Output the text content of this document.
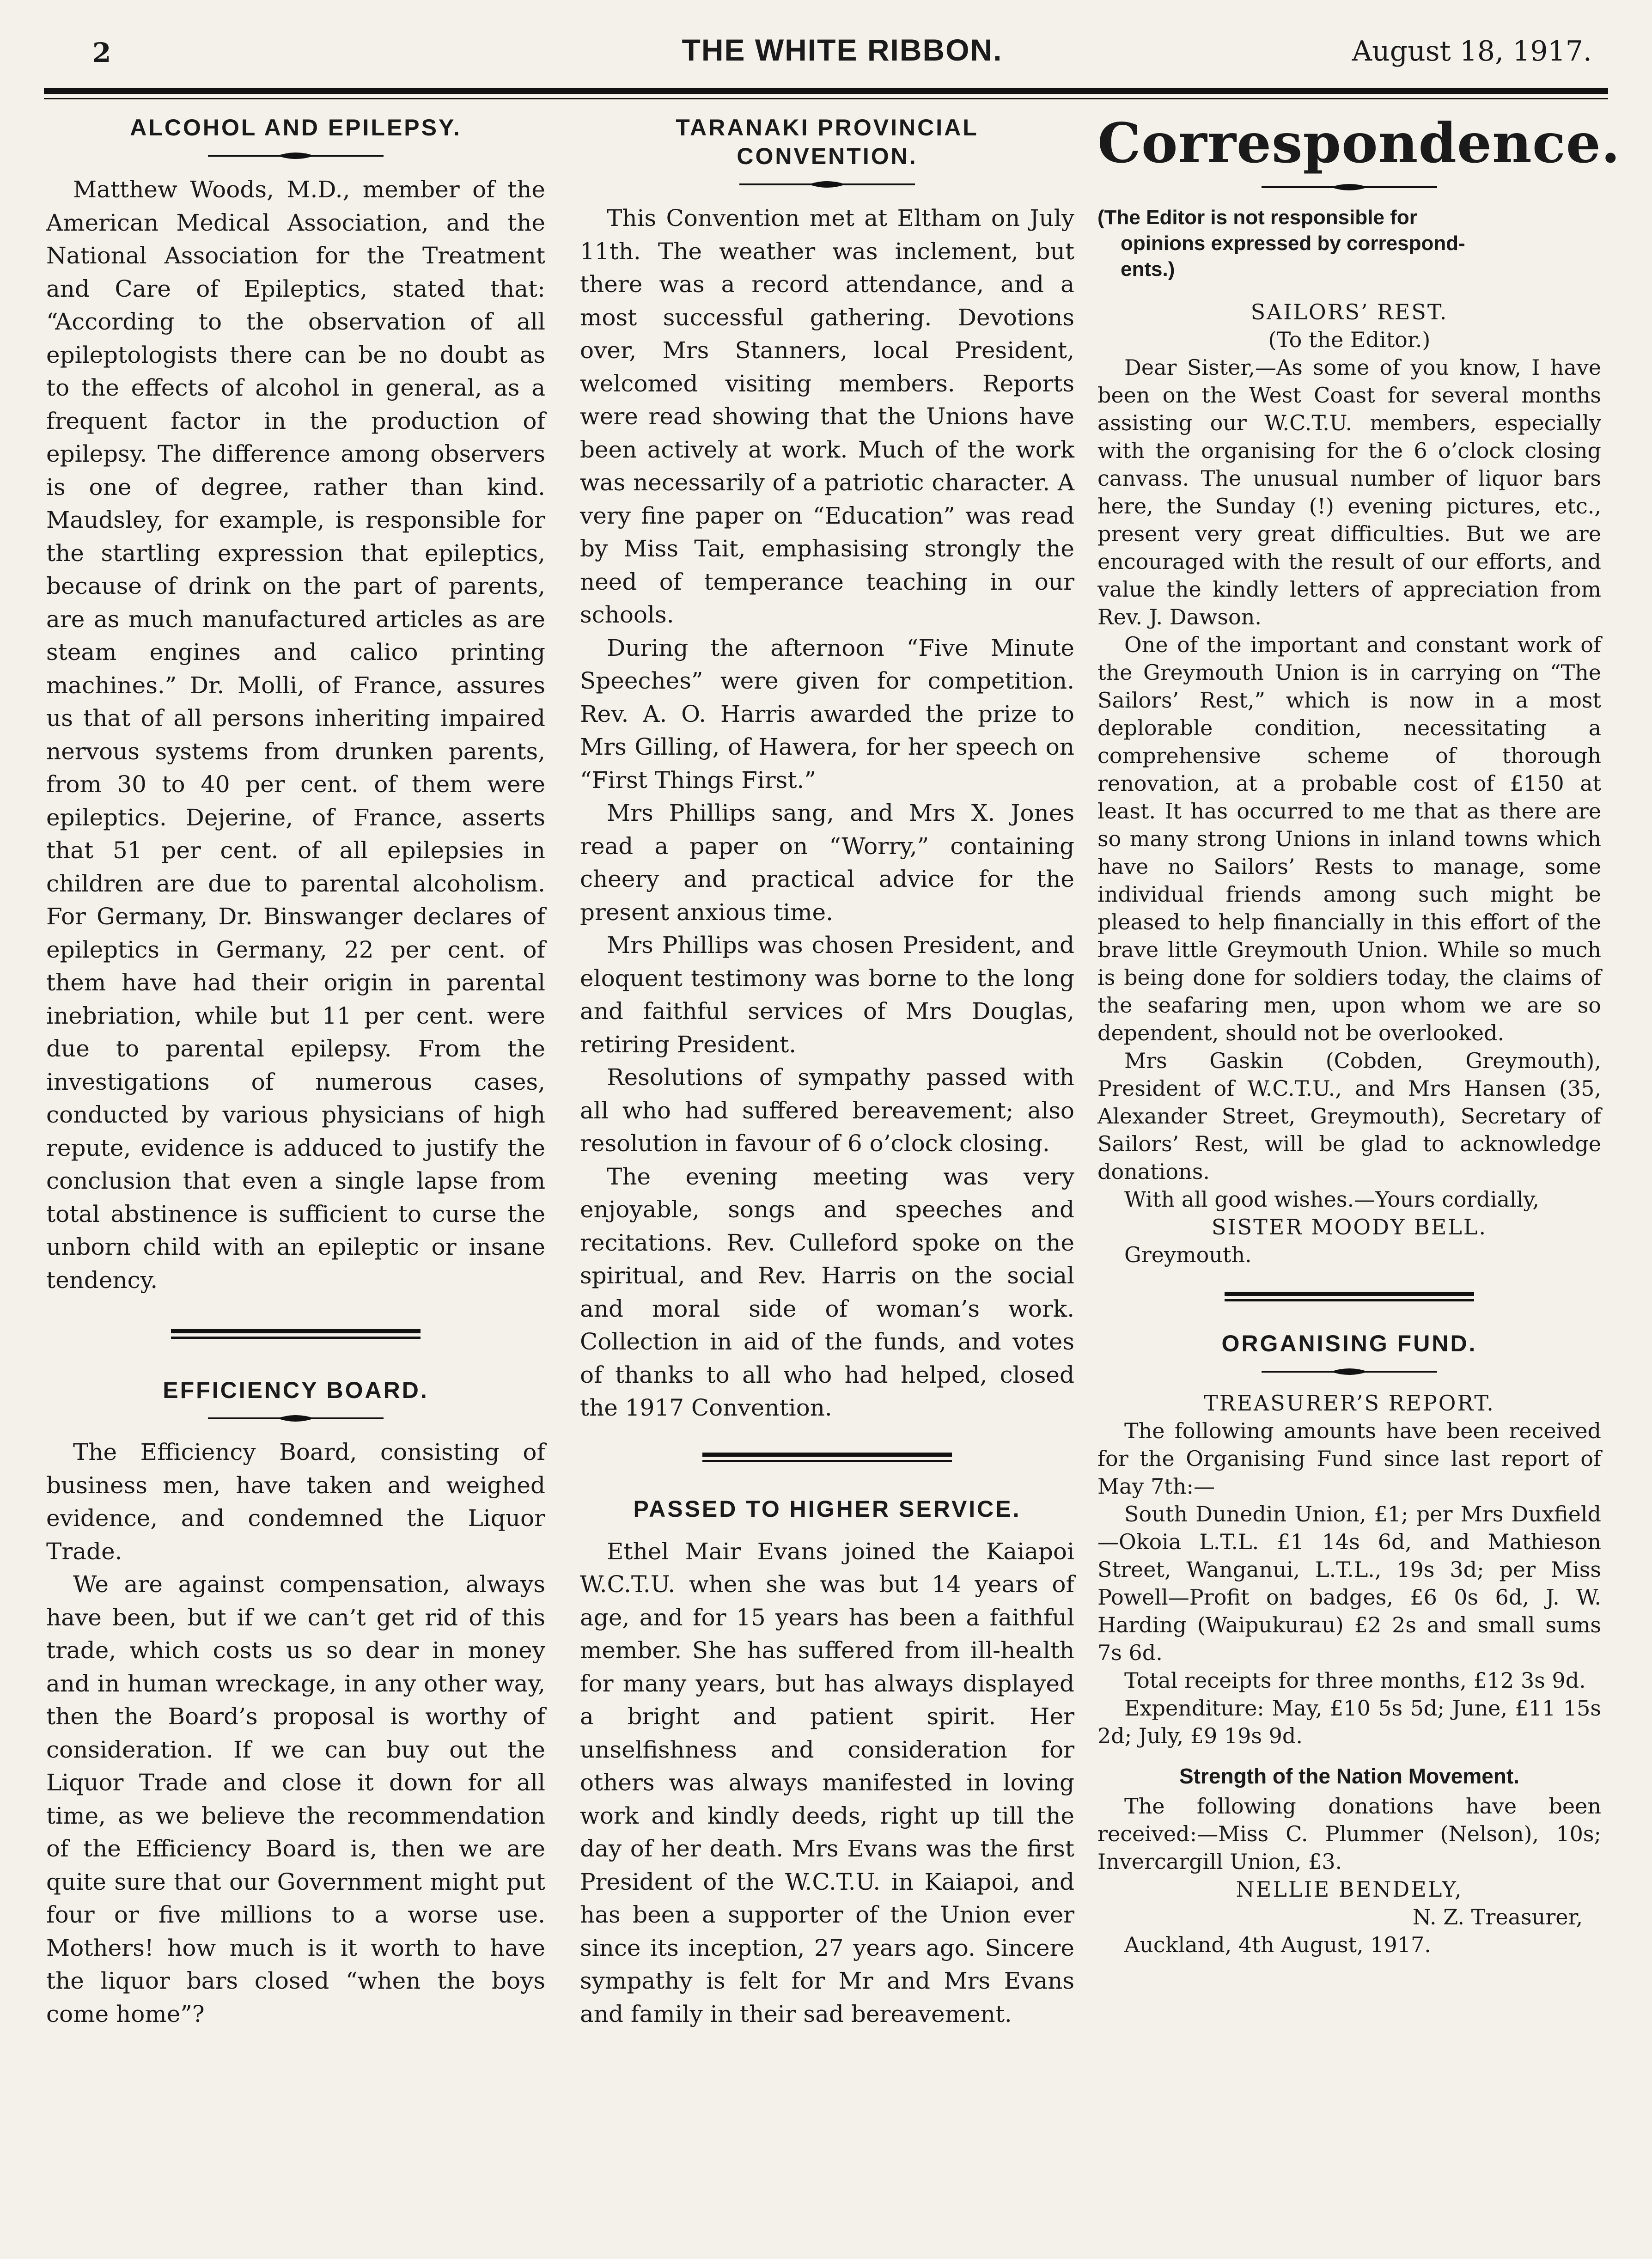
2	THE WHITE RIBBON.	August 18, 1917.
ALCOHOL AND EPILEPSY.

Matthew Woods, M.D., member of the American Medical Association, and the National Association for the Treatment and Care of Epileptics, stated that: “According to the observation of all epileptologists there can be no doubt as to the effects of alcohol in general, as a frequent factor in the production of epilepsy. The difference among observers is one of degree, rather than kind. Maudsley, for example, is responsible for the startling expression that epileptics, because of drink on the part of parents, are as much manufactured articles as are steam engines and calico printing machines.” Dr. Molli, of France, assures us that of all persons inheriting impaired nervous systems from drunken parents, from 30 to 40 per cent. of them were epileptics. Dejerine, of France, asserts that 51 per cent. of all epilepsies in children are due to parental alcoholism. For Germany, Dr. Binswanger declares of epileptics in Germany, 22 per cent. of them have had their origin in parental inebriation, while but 11 per cent. were due to parental epilepsy. From the investigations of numerous cases, conducted by various physicians of high repute, evidence is adduced to justify the conclusion that even a single lapse from total abstinence is sufficient to curse the unborn child with an epileptic or insane tendency.

EFFICIENCY BOARD.

The Efficiency Board, consisting of business men, have taken and weighed evidence, and condemned the Liquor Trade.

We are against compensation, always have been, but if we can’t get rid of this trade, which costs us so dear in money and in human wreckage, in any other way, then the Board’s proposal is worthy of consideration. If we can buy out the Liquor Trade and close it down for all time, as we believe the recommendation of the Efficiency Board is, then we are quite sure that our Government might put four or five millions to a worse use. Mothers! how much is it worth to have the liquor bars closed “when the boys come home”?

TARANAKI PROVINCIAL CONVENTION.

This Convention met at Eltham on July 11th. The weather was inclement, but there was a record attendance, and a most successful gathering. Devotions over, Mrs Stanners, local President, welcomed visiting members. Reports were read showing that the Unions have been actively at work. Much of the work was necessarily of a patriotic character. A very fine paper on “Education” was read by Miss Tait, emphasising strongly the need of temperance teaching in our schools.

During the afternoon “Five Minute Speeches” were given for competition. Rev. A. O. Harris awarded the prize to Mrs Gilling, of Hawera, for her speech on “First Things First.”

Mrs Phillips sang, and Mrs X. Jones read a paper on “Worry,” containing cheery and practical advice for the present anxious time.

Mrs Phillips was chosen President, and eloquent testimony was borne to the long and faithful services of Mrs Douglas, retiring President.

Resolutions of sympathy passed with all who had suffered bereavement; also resolution in favour of 6 o’clock closing.

The evening meeting was very enjoyable, songs and speeches and recitations. Rev. Culleford spoke on the spiritual, and Rev. Harris on the social and moral side of woman’s work. Collection in aid of the funds, and votes of thanks to all who had helped, closed the 1917 Convention.

PASSED TO HIGHER SERVICE.

Ethel Mair Evans joined the Kaiapoi W.C.T.U. when she was but 14 years of age, and for 15 years has been a faithful member. She has suffered from ill-health for many years, but has always displayed a bright and patient spirit. Her unselfishness and consideration for others was always manifested in loving work and kindly deeds, right up till the day of her death. Mrs Evans was the first President of the W.C.T.U. in Kaiapoi, and has been a supporter of the Union ever since its inception, 27 years ago. Sincere sympathy is felt for Mr and Mrs Evans and family in their sad bereavement.

Correspondence.
(The Editor is not responsible for
opinions expressed by correspond-
ents.)

SAILORS’ REST.

(To the Editor.)

Dear Sister,—As some of you know, I have been on the West Coast for several months assisting our W.C.T.U. members, especially with the organising for the 6 o’clock closing canvass. The unusual number of liquor bars here, the Sunday (!) evening pictures, etc., present very great difficulties. But we are encouraged with the result of our efforts, and value the kindly letters of appreciation from Rev. J. Dawson.

One of the important and constant work of the Greymouth Union is in carrying on “The Sailors’ Rest,” which is now in a most deplorable condition, necessitating a comprehensive scheme of thorough renovation, at a probable cost of £150 at least. It has occurred to me that as there are so many strong Unions in inland towns which have no Sailors’ Rests to manage, some individual friends among such might be pleased to help financially in this effort of the brave little Greymouth Union. While so much is being done for soldiers today, the claims of the seafaring men, upon whom we are so dependent, should not be overlooked.

Mrs Gaskin (Cobden, Greymouth), President of W.C.T.U., and Mrs Hansen (35, Alexander Street, Greymouth), Secretary of Sailors’ Rest, will be glad to acknowledge donations.

With all good wishes.—Yours cordially,

SISTER MOODY BELL.

Greymouth.

ORGANISING FUND.

TREASURER’S REPORT.

The following amounts have been received for the Organising Fund since last report of May 7th:—

South Dunedin Union, £1; per Mrs Duxfield—Okoia L.T.L. £1 14s 6d, and Mathieson Street, Wanganui, L.T.L., 19s 3d; per Miss Powell—Profit on badges, £6 0s 6d, J. W. Harding (Waipukurau) £2 2s and small sums 7s 6d.

Total receipts for three months, £12 3s 9d.

Expenditure: May, £10 5s 5d; June, £11 15s 2d; July, £9 19s 9d.

Strength of the Nation Movement.

The following donations have been received:—Miss C. Plummer (Nelson), 10s; Invercargill Union, £3.

NELLIE BENDELY,

N. Z. Treasurer,

Auckland, 4th August, 1917.
